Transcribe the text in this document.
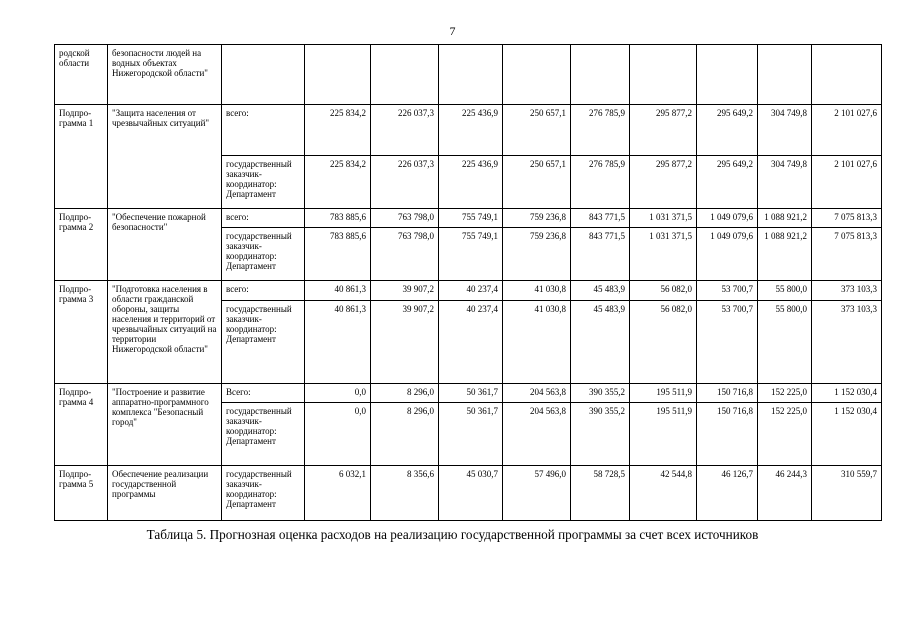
7
родской области	безопасности людей на водных объектах Нижегородской области"										
Подпро-грамма 1	"Защита населения от чрезвычайных ситуаций"	всего:	225 834,2	226 037,3	225 436,9	250 657,1	276 785,9	295 877,2	295 649,2	304 749,8	2 101 027,6
		государственный заказчик-координатор: Департамент	225 834,2	226 037,3	225 436,9	250 657,1	276 785,9	295 877,2	295 649,2	304 749,8	2 101 027,6
Подпро-грамма 2	"Обеспечение пожарной безопасности"	всего:	783 885,6	763 798,0	755 749,1	759 236,8	843 771,5	1 031 371,5	1 049 079,6	1 088 921,2	7 075 813,3
		государственный заказчик-координатор: Департамент	783 885,6	763 798,0	755 749,1	759 236,8	843 771,5	1 031 371,5	1 049 079,6	1 088 921,2	7 075 813,3
Подпро-грамма 3	"Подготовка населения в области гражданской обороны, защиты населения и территорий от чрезвычайных ситуаций на территории Нижегородской области"	всего:	40 861,3	39 907,2	40 237,4	41 030,8	45 483,9	56 082,0	53 700,7	55 800,0	373 103,3
		государственный заказчик-координатор: Департамент	40 861,3	39 907,2	40 237,4	41 030,8	45 483,9	56 082,0	53 700,7	55 800,0	373 103,3
Подпро-грамма 4	"Построение и развитие аппаратно-программного комплекса "Безопасный город"	Всего:	0,0	8 296,0	50 361,7	204 563,8	390 355,2	195 511,9	150 716,8	152 225,0	1 152 030,4
		государственный заказчик-координатор: Департамент	0,0	8 296,0	50 361,7	204 563,8	390 355,2	195 511,9	150 716,8	152 225,0	1 152 030,4
Подпро-грамма 5	Обеспечение реализации государственной программы	государственный заказчик-координатор: Департамент	6 032,1	8 356,6	45 030,7	57 496,0	58 728,5	42 544,8	46 126,7	46 244,3	310 559,7
Таблица 5. Прогнозная оценка расходов на реализацию государственной программы за счет всех источников
